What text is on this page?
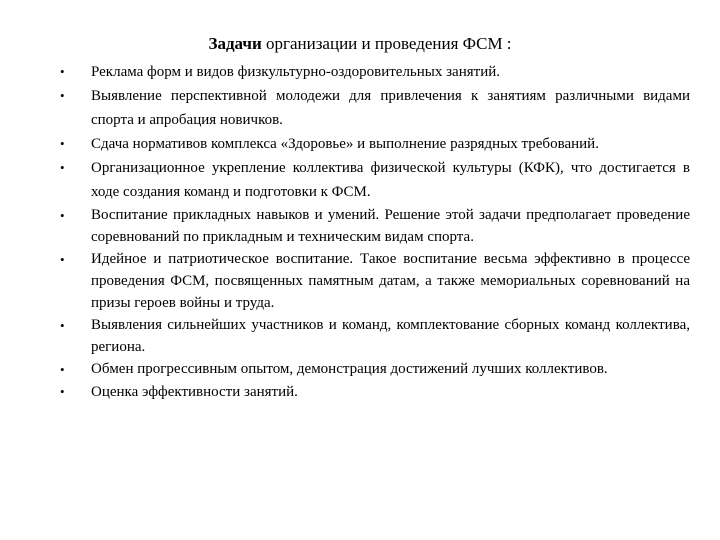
Задачи организации и проведения ФСМ :
•	Реклама форм и видов физкультурно-оздоровительных занятий.
•	Выявление перспективной молодежи для привлечения к занятиям различными видами спорта и апробация новичков.
•	Сдача нормативов комплекса «Здоровье» и выполнение разрядных требований.
•	Организационное укрепление коллектива физической культуры (КФК), что достигается в ходе создания команд и подготовки к ФСМ.
•	Воспитание прикладных навыков и умений. Решение этой задачи предполагает проведение соревнований по прикладным и техническим видам спорта.
•	Идейное и патриотическое воспитание. Такое воспитание весьма эффективно в процессе проведения ФСМ, посвященных памятным датам, а также мемориальных соревнований на призы героев войны и труда.
•	Выявления сильнейших участников и команд, комплектование сборных команд коллектива, региона.
•	Обмен прогрессивным опытом, демонстрация достижений лучших коллективов.
•	Оценка эффективности занятий.
